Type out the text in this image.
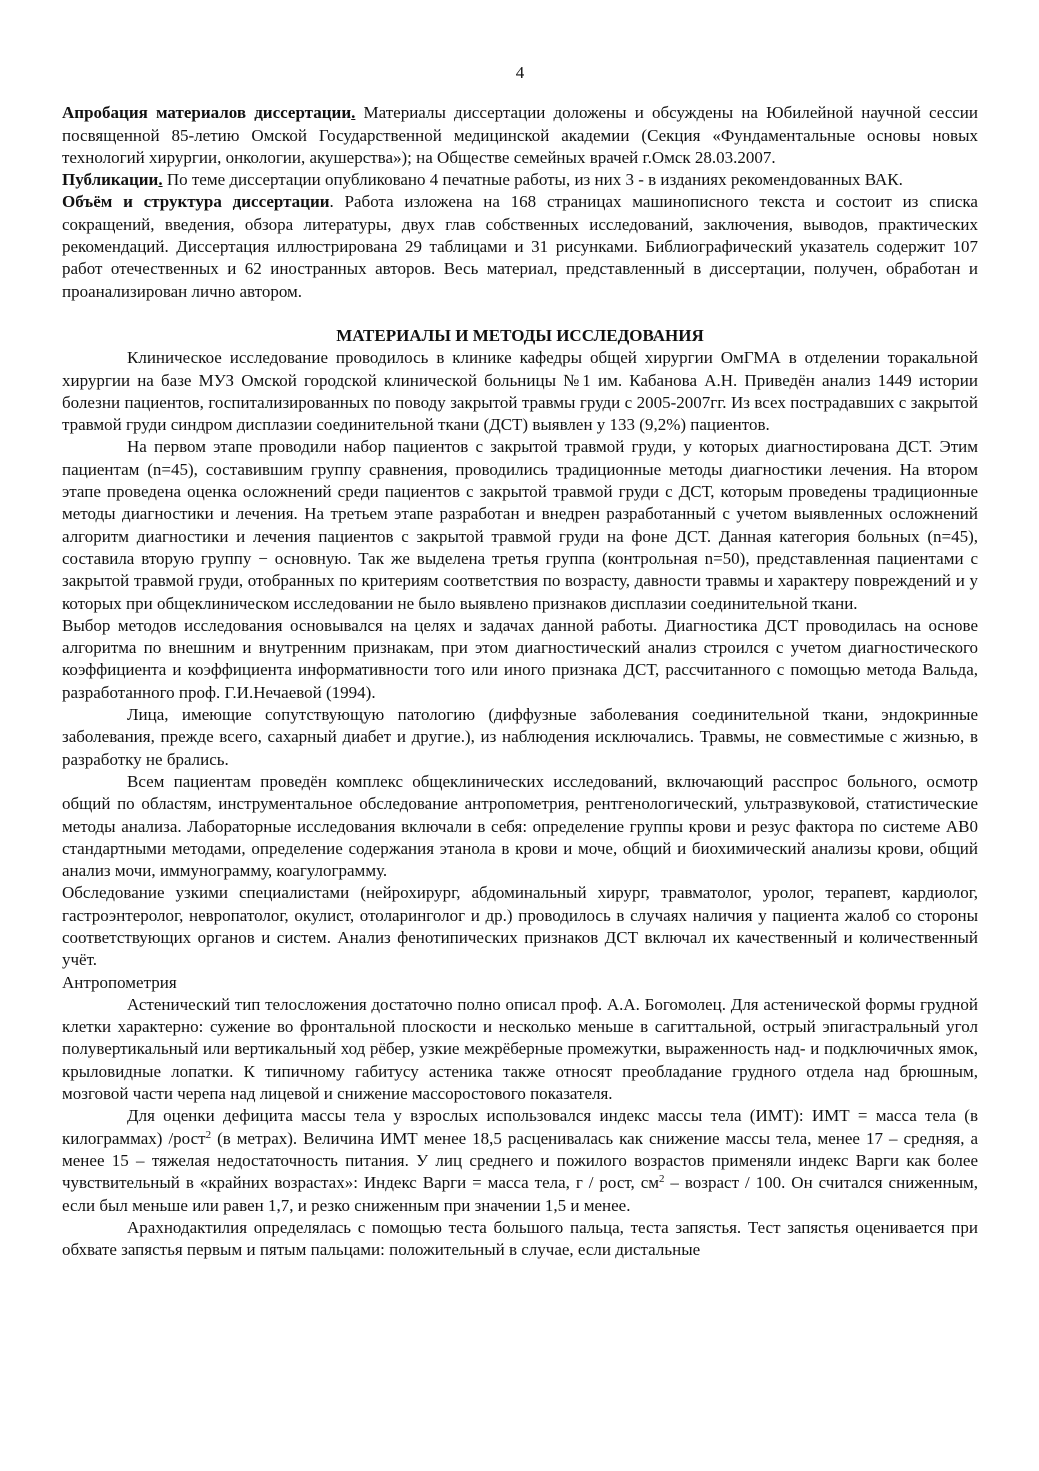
4

Апробация материалов диссертации. Материалы диссертации доложены и обсуждены на Юбилейной научной сессии посвященной 85-летию Омской Государственной медицинской академии (Секция «Фундаментальные основы новых технологий хирургии, онкологии, акушерства»); на Обществе семейных врачей г.Омск 28.03.2007.

Публикации. По теме диссертации опубликовано 4 печатные работы, из них 3 - в изданиях рекомендованных ВАК.

Объём и структура диссертации. Работа изложена на 168 страницах машинописного текста и состоит из списка сокращений, введения, обзора литературы, двух глав собственных исследований, заключения, выводов, практических рекомендаций. Диссертация иллюстрирована 29 таблицами и 31 рисунками. Библиографический указатель содержит 107 работ отечественных и 62 иностранных авторов. Весь материал, представленный в диссертации, получен, обработан и проанализирован лично автором.

МАТЕРИАЛЫ И МЕТОДЫ ИССЛЕДОВАНИЯ

Клиническое исследование проводилось в клинике кафедры общей хирургии ОмГМА в отделении торакальной хирургии на базе МУЗ Омской городской клинической больницы №1 им. Кабанова А.Н. Приведён анализ 1449 истории болезни пациентов, госпитализированных по поводу закрытой травмы груди с 2005-2007гг. Из всех пострадавших с закрытой травмой груди синдром дисплазии соединительной ткани (ДСТ) выявлен у 133 (9,2%) пациентов.

На первом этапе проводили набор пациентов с закрытой травмой груди, у которых диагностирована ДСТ. Этим пациентам (n=45), составившим группу сравнения, проводились традиционные методы диагностики лечения. На втором этапе проведена оценка осложнений среди пациентов с закрытой травмой груди с ДСТ, которым проведены традиционные методы диагностики и лечения. На третьем этапе разработан и внедрен разработанный с учетом выявленных осложнений алгоритм диагностики и лечения пациентов с закрытой травмой груди на фоне ДСТ. Данная категория больных (n=45), составила вторую группу − основную. Так же выделена третья группа (контрольная n=50), представленная пациентами с закрытой травмой груди, отобранных по критериям соответствия по возрасту, давности травмы и характеру повреждений и у которых при общеклиническом исследовании не было выявлено признаков дисплазии соединительной ткани.

Выбор методов исследования основывался на целях и задачах данной работы. Диагностика ДСТ проводилась на основе алгоритма по внешним и внутренним признакам, при этом диагностический анализ строился с учетом диагностического коэффициента и коэффициента информативности того или иного признака ДСТ, рассчитанного с помощью метода Вальда, разработанного проф. Г.И.Нечаевой (1994).

Лица, имеющие сопутствующую патологию (диффузные заболевания соединительной ткани, эндокринные заболевания, прежде всего, сахарный диабет и другие.), из наблюдения исключались. Травмы, не совместимые с жизнью, в разработку не брались.

Всем пациентам проведён комплекс общеклинических исследований, включающий расспрос больного, осмотр общий по областям, инструментальное обследование антропометрия, рентгенологический, ультразвуковой, статистические методы анализа. Лабораторные исследования включали в себя: определение группы крови и резус фактора по системе АВ0 стандартными методами, определение содержания этанола в крови и моче, общий и биохимический анализы крови, общий анализ мочи, иммунограмму, коагулограмму.

Обследование узкими специалистами (нейрохирург, абдоминальный хирург, травматолог, уролог, терапевт, кардиолог, гастроэнтеролог, невропатолог, окулист, отоларинголог и др.) проводилось в случаях наличия у пациента жалоб со стороны соответствующих органов и систем. Анализ фенотипических признаков ДСТ включал их качественный и количественный учёт.

Антропометрия

Астенический тип телосложения достаточно полно описал проф. А.А. Богомолец. Для астенической формы грудной клетки характерно: сужение во фронтальной плоскости и несколько меньше в сагиттальной, острый эпигастральный угол полувертикальный или вертикальный ход рёбер, узкие межрёберные промежутки, выраженность над- и подключичных ямок, крыловидные лопатки. К типичному габитусу астеника также относят преобладание грудного отдела над брюшным, мозговой части черепа над лицевой и снижение массоростового показателя.

Для оценки дефицита массы тела у взрослых использовался индекс массы тела (ИМТ): ИМТ = масса тела (в килограммах) /рост$^2$ (в метрах). Величина ИМТ менее 18,5 расценивалась как снижение массы тела, менее 17 – средняя, а менее 15 – тяжелая недостаточность питания. У лиц среднего и пожилого возрастов применяли индекс Варги как более чувствительный в «крайних возрастах»: Индекс Варги = масса тела, г / рост, $см^2$ – возраст / 100. Он считался сниженным, если был меньше или равен 1,7, и резко сниженным при значении 1,5 и менее.

Арахнодактилия определялась с помощью теста большого пальца, теста запястья. Тест запястья оценивается при обхвате запястья первым и пятым пальцами: положительный в случае, если дистальные
